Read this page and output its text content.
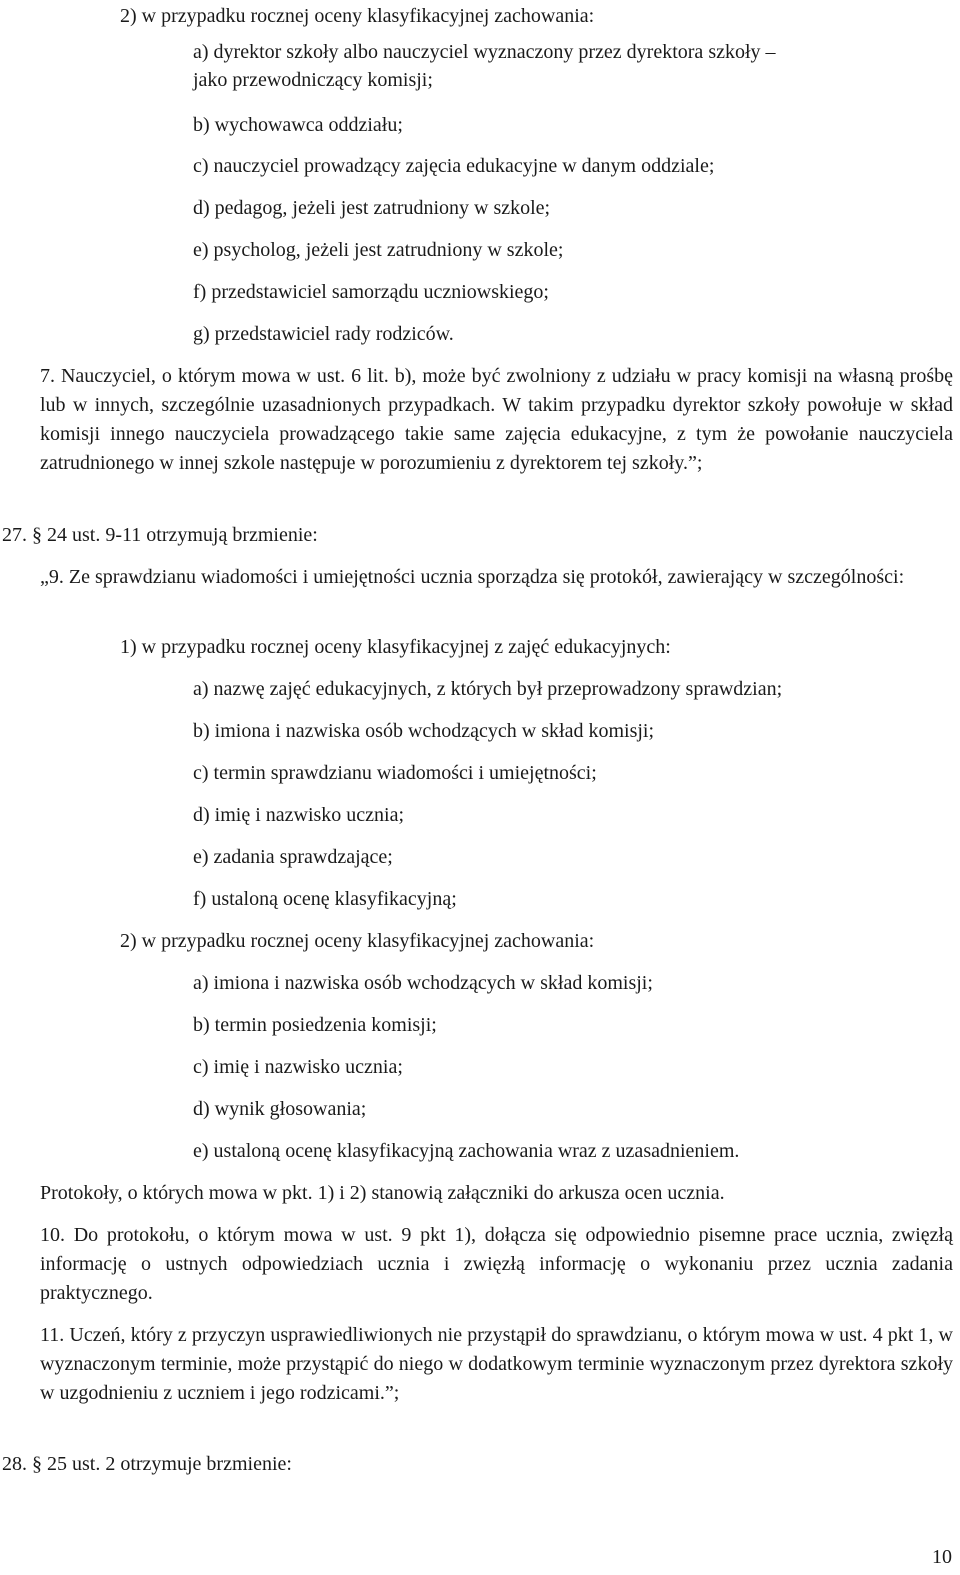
2) w przypadku rocznej oceny klasyfikacyjnej zachowania:
a) dyrektor szkoły albo nauczyciel wyznaczony przez dyrektora szkoły –
jako przewodniczący komisji;
b) wychowawca oddziału;
c) nauczyciel prowadzący zajęcia edukacyjne w danym oddziale;
d) pedagog, jeżeli jest zatrudniony w szkole;
e) psycholog, jeżeli jest zatrudniony w szkole;
f) przedstawiciel samorządu uczniowskiego;
g) przedstawiciel rady rodziców.
7. Nauczyciel, o którym mowa w ust. 6 lit. b), może być zwolniony z udziału w pracy komisji na własną prośbę lub w innych, szczególnie uzasadnionych przypadkach. W takim przypadku dyrektor szkoły powołuje w skład komisji innego nauczyciela prowadzącego takie same zajęcia edukacyjne, z tym że powołanie nauczyciela zatrudnionego w innej szkole następuje w porozumieniu z dyrektorem tej szkoły.”;
27. § 24 ust. 9-11 otrzymują brzmienie:
„9. Ze sprawdzianu wiadomości i umiejętności ucznia sporządza się protokół, zawierający w szczególności:
1) w przypadku rocznej oceny klasyfikacyjnej z zajęć edukacyjnych:
a) nazwę zajęć edukacyjnych, z których był przeprowadzony sprawdzian;
b) imiona i nazwiska osób wchodzących w skład komisji;
c) termin sprawdzianu wiadomości i umiejętności;
d) imię i nazwisko ucznia;
e) zadania sprawdzające;
f) ustaloną ocenę klasyfikacyjną;
2) w przypadku rocznej oceny klasyfikacyjnej zachowania:
a) imiona i nazwiska osób wchodzących w skład komisji;
b) termin posiedzenia komisji;
c) imię i nazwisko ucznia;
d) wynik głosowania;
e) ustaloną ocenę klasyfikacyjną zachowania wraz z uzasadnieniem.
Protokoły, o których mowa w pkt. 1) i 2) stanowią załączniki do arkusza ocen ucznia.
10. Do protokołu, o którym mowa w ust. 9 pkt 1), dołącza się odpowiednio pisemne prace ucznia, zwięzłą informację o ustnych odpowiedziach ucznia i zwięzłą informację o wykonaniu przez ucznia zadania praktycznego.
11. Uczeń, który z przyczyn usprawiedliwionych nie przystąpił do sprawdzianu, o którym mowa w ust. 4 pkt 1, w wyznaczonym terminie, może przystąpić do niego w dodatkowym terminie wyznaczonym przez dyrektora szkoły w uzgodnieniu z uczniem i jego rodzicami.”;
28. § 25 ust. 2 otrzymuje brzmienie:
10
